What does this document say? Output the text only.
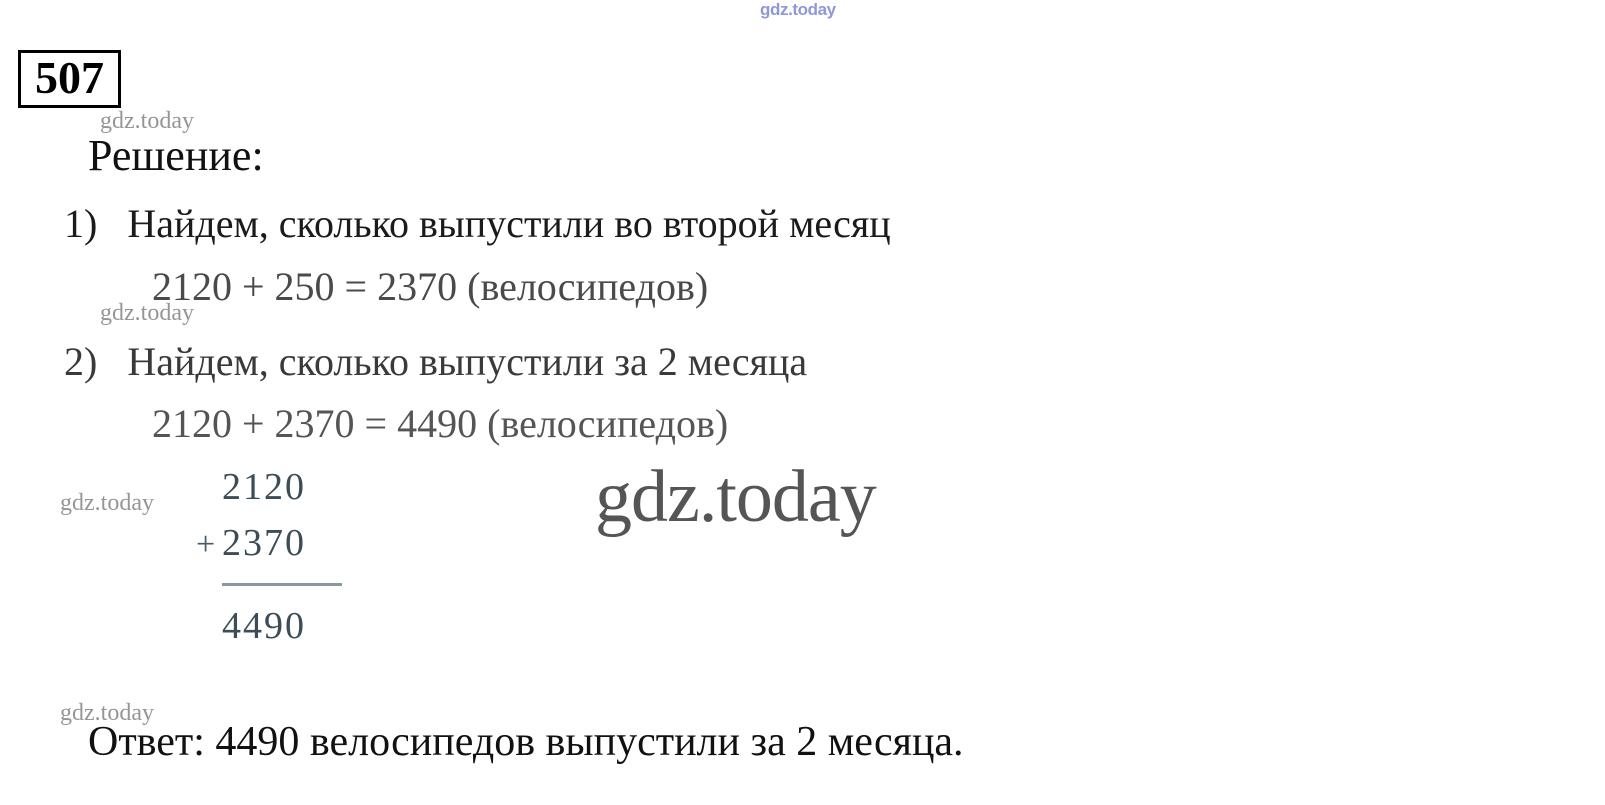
gdz.today
507
gdz.today
Решение:
1) Найдем, сколько выпустили во второй месяц
2120 + 250 = 2370 (велосипедов)
gdz.today
2) Найдем, сколько выпустили за 2 месяца
2120 + 2370 = 4490 (велосипедов)
gdz.today 2120
+ 2370
4490
gdz.today
gdz.today
Ответ: 4490 велосипедов выпустили за 2 месяца.
